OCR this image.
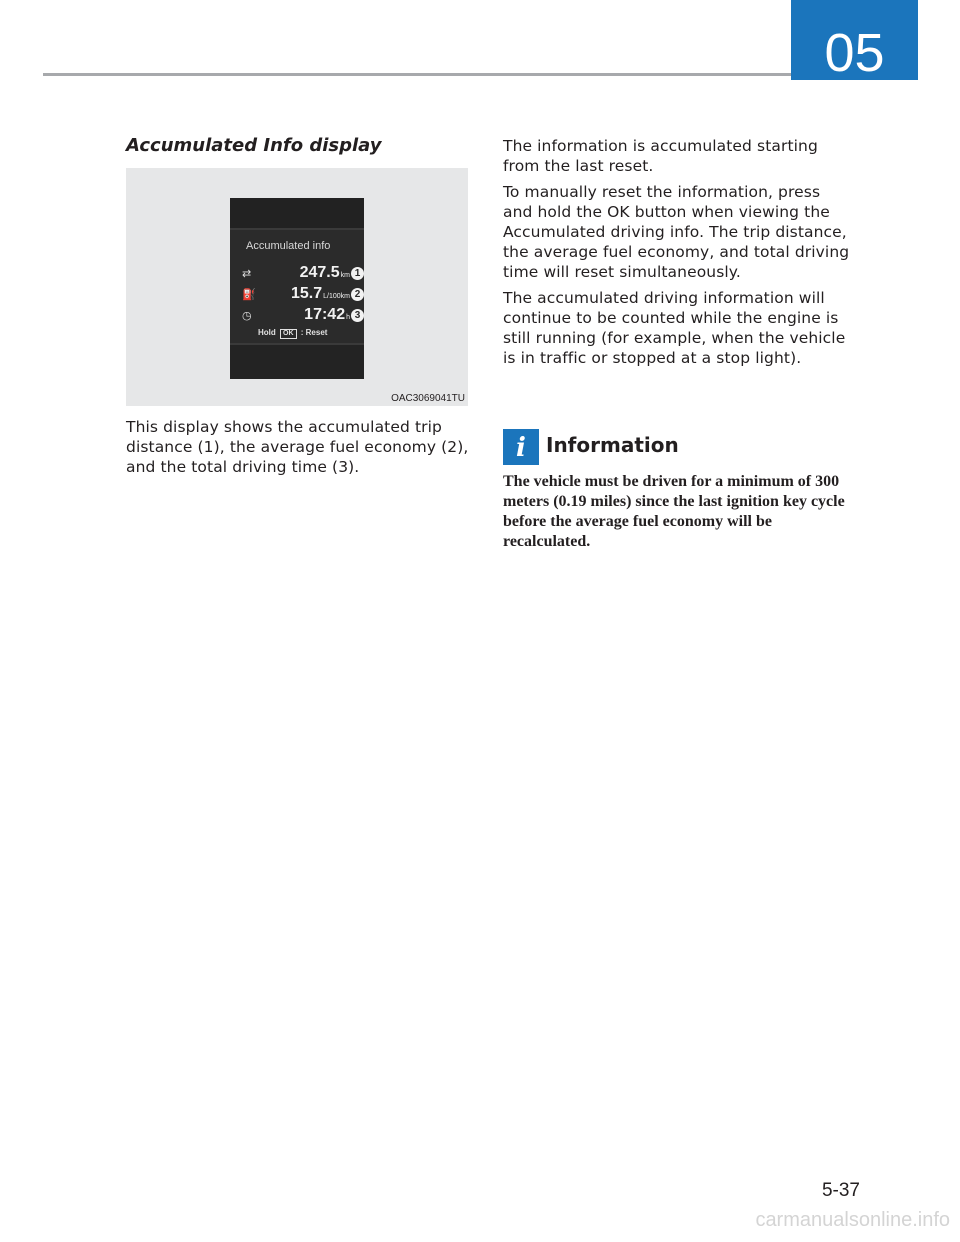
05
Accumulated Info display
Accumulated info
⇄	247.5km 1
⛽ 15.7L/100km 2
◷	17:42h 3
Hold OK : Reset
OAC3069041TU

This display shows the accumulated trip distance (1), the average fuel economy (2), and the total driving time (3).

The information is accumulated starting from the last reset.

To manually reset the information, press and hold the OK button when viewing the Accumulated driving info. The trip distance, the average fuel economy, and total driving time will reset simultaneously.

The accumulated driving information will continue to be counted while the engine is still running (for example, when the vehicle is in traffic or stopped at a stop light).

i	Information

The vehicle must be driven for a minimum of 300 meters (0.19 miles) since the last ignition key cycle before the average fuel economy will be recalculated.

5-37
carmanualsonline.info
